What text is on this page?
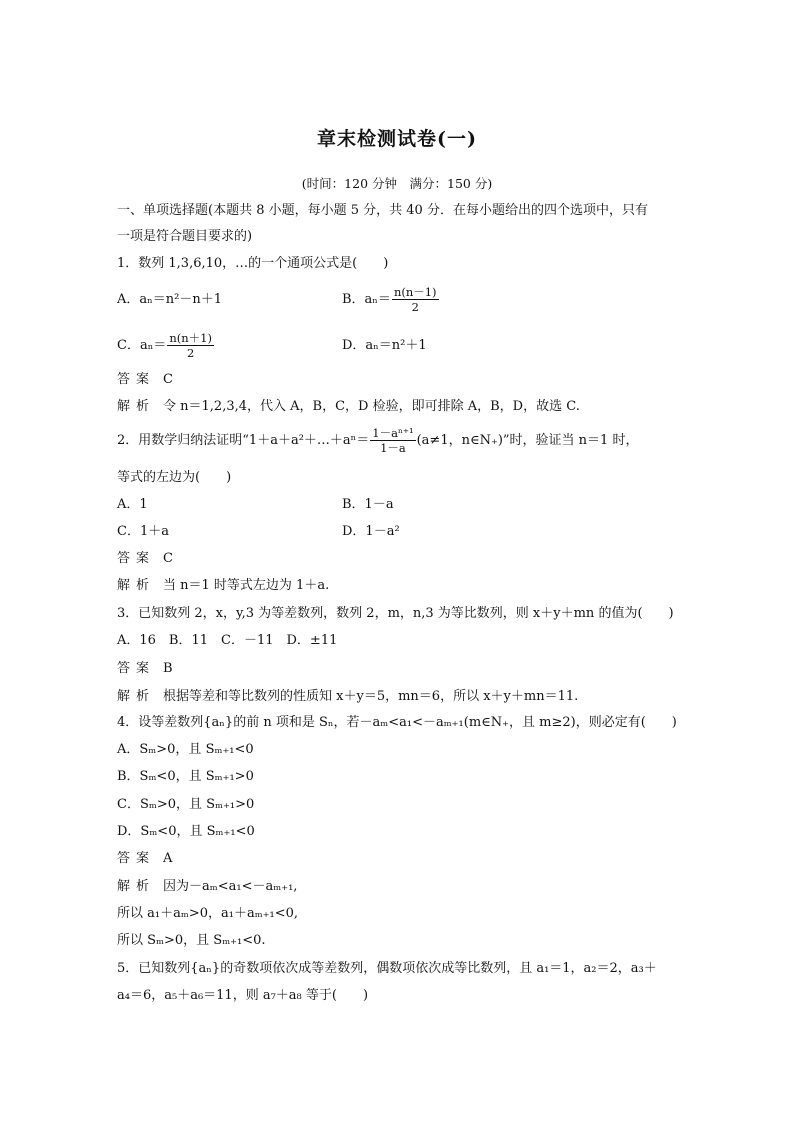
章末检测试卷(一)
(时间：120 分钟　满分：150 分)
一、单项选择题(本题共 8 小题，每小题 5 分，共 40 分．在每小题给出的四个选项中，只有
一项是符合题目要求的)
1．数列 1,3,6,10，…的一个通项公式是(　　)
A．aₙ＝n²－n＋1	B．$a_n= \frac{n(n-1)}{2}$
C．$a_n= \frac{n(n+1)}{2}$	D．aₙ＝n²＋1
答案 C
解析 令 n＝1,2,3,4，代入 A，B，C，D 检验，即可排除 A，B，D，故选 C.
2．用数学归纳法证明“1＋a＋a²＋…＋aⁿ＝ $\frac{\text{1－aⁿ⁺¹}}{1-a} (a\ne 1$，n∈N₊)”时，验证当 n＝1 时，
等式的左边为(　　)
A．1	B．1－a
C．1＋a	D．1－a²
答案 C
解析 当 n＝1 时等式左边为 1＋a.
3．已知数列 2，x，y,3 为等差数列，数列 2，m，n,3 为等比数列，则 x＋y＋mn 的值为(　　)
A．16　B．11　C．－11　D．±11
答案 B
解析 根据等差和等比数列的性质知 x＋y＝5，mn＝6，所以 x＋y＋mn＝11.
4．设等差数列{aₙ}的前 n 项和是 Sₙ，若－aₘ<a₁<－aₘ₊₁(m∈N₊，且 m≥2)，则必定有(　　)
A．Sₘ>0，且 Sₘ₊₁<0
B．Sₘ<0，且 Sₘ₊₁>0
C．Sₘ>0，且 Sₘ₊₁>0
D．Sₘ<0，且 Sₘ₊₁<0
答案 A
解析 因为－aₘ<a₁<－aₘ₊₁,
所以 a₁＋aₘ>0，a₁＋aₘ₊₁<0,
所以 Sₘ>0，且 Sₘ₊₁<0.
5．已知数列{aₙ}的奇数项依次成等差数列，偶数项依次成等比数列，且 a₁＝1，a₂＝2，a₃＋
a₄＝6，a₅＋a₆＝11，则 a₇＋a₈ 等于(　　)
